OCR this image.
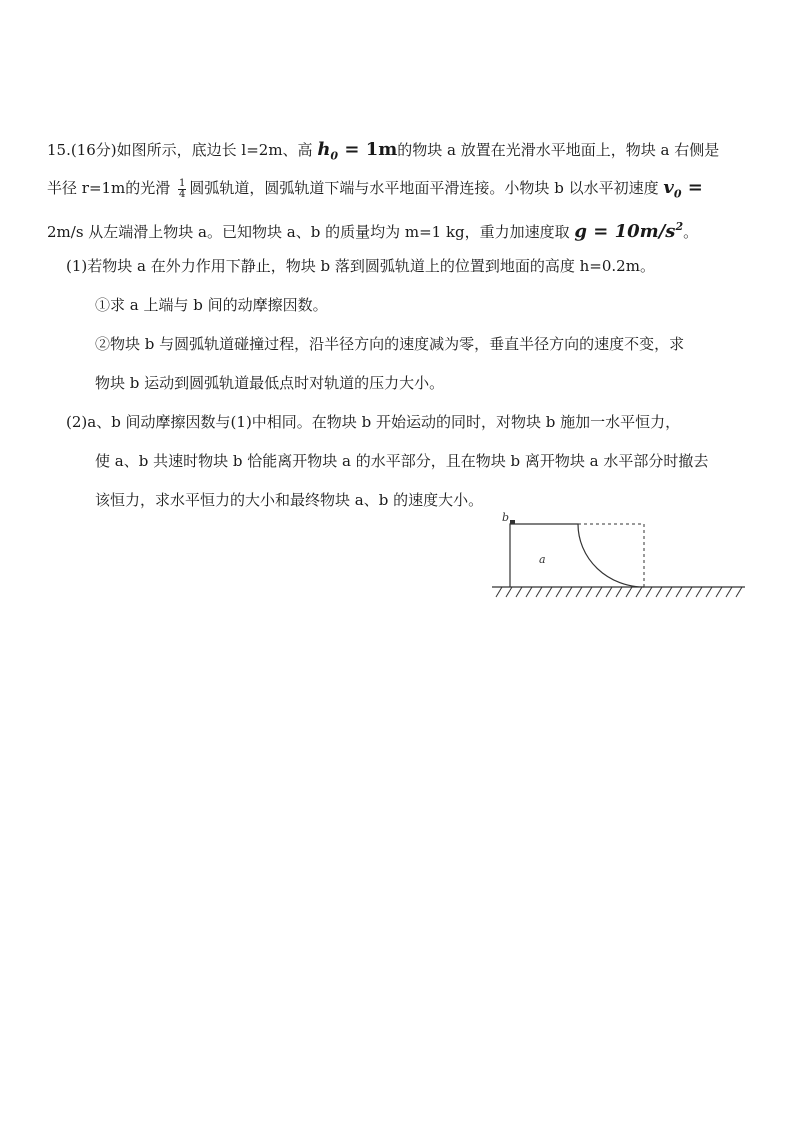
15.(16分)如图所示，底边长 l=2m、高 $h_0 = 1m$的物块 a 放置在光滑水平地面上，物块 a 右侧是
半径 r=1m的光滑 $\frac{1}{4}$ 圆弧轨道，圆弧轨道下端与水平地面平滑连接。小物块 b 以水平初速度 $v_0$ =
2m/s 从左端滑上物块 a。已知物块 a、b 的质量均为 m=1 kg，重力加速度取 $g = 10m/s^2$。
(1)若物块 a 在外力作用下静止，物块 b 落到圆弧轨道上的位置到地面的高度 h=0.2m。
①求 a 上端与 b 间的动摩擦因数。
②物块 b 与圆弧轨道碰撞过程，沿半径方向的速度减为零，垂直半径方向的速度不变，求
物块 b 运动到圆弧轨道最低点时对轨道的压力大小。
(2)a、b 间动摩擦因数与(1)中相同。在物块 b 开始运动的同时，对物块 b 施加一水平恒力，
使 a、b 共速时物块 b 恰能离开物块 a 的水平部分，且在物块 b 离开物块 a 水平部分时撤去
该恒力，求水平恒力的大小和最终物块 a、b 的速度大小。
b
a
